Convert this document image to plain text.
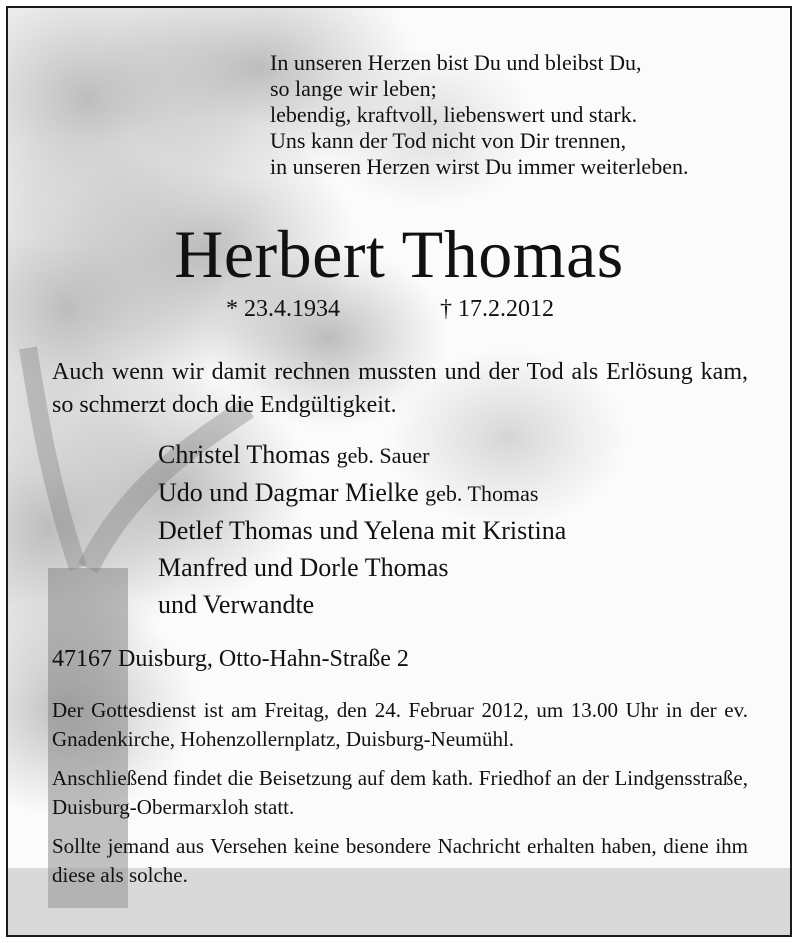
In unseren Herzen bist Du und bleibst Du,
so lange wir leben;
lebendig, kraftvoll, liebenswert und stark.
Uns kann der Tod nicht von Dir trennen,
in unseren Herzen wirst Du immer weiterleben.
Herbert Thomas
* 23.4.1934	† 17.2.2012
Auch wenn wir damit rechnen mussten und der Tod als Erlösung kam, so schmerzt doch die Endgültigkeit.
Christel Thomas geb. Sauer
Udo und Dagmar Mielke geb. Thomas
Detlef Thomas und Yelena mit Kristina
Manfred und Dorle Thomas
und Verwandte
47167 Duisburg, Otto-Hahn-Straße 2
Der Gottesdienst ist am Freitag, den 24. Februar 2012, um 13.00 Uhr in der ev. Gnadenkirche, Hohenzollernplatz, Duisburg-Neumühl.
Anschließend findet die Beisetzung auf dem kath. Friedhof an der Lindgensstraße, Duisburg-Obermarxloh statt.
Sollte jemand aus Versehen keine besondere Nachricht erhalten haben, diene ihm diese als solche.
